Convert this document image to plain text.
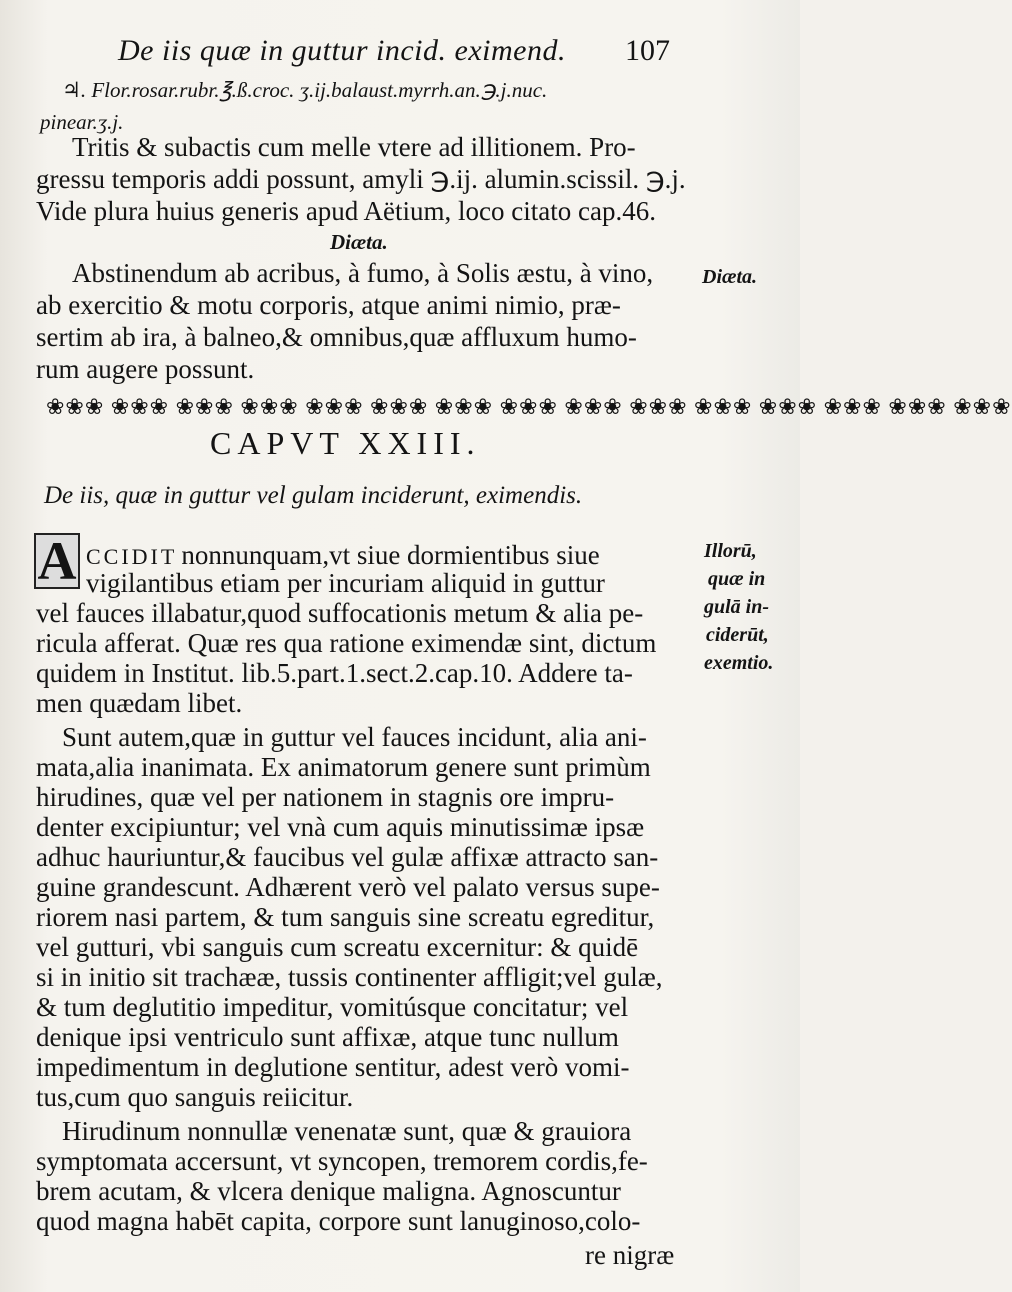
De iis quæ in guttur incid. eximend.	107
♃. Flor.rosar.rubr.℥.ß.croc. ʒ.ij.balaust.myrrh.an.℈.j.nuc.
pinear.ʒ.j.
Tritis & subactis cum melle vtere ad illitionem. Pro-
gressu temporis addi possunt, amyli ℈.ij. alumin.scissil. ℈.j.
Vide plura huius generis apud Aëtium, loco citato cap.46.
Diæta.
Abstinendum ab acribus, à fumo, à Solis æstu, à vino,
ab exercitio & motu corporis, atque animi nimio, præ-
sertim ab ira, à balneo,& omnibus,quæ affluxum humo-
rum augere possunt.
❀❀❀ ❀❀❀ ❀❀❀ ❀❀❀ ❀❀❀ ❀❀❀ ❀❀❀ ❀❀❀ ❀❀❀ ❀❀❀ ❀❀❀ ❀❀❀ ❀❀❀ ❀❀❀ ❀❀❀
CAPVT XXIII.
De iis, quæ in guttur vel gulam inciderunt, eximendis.
A CCIDIT nonnunquam,vt siue dormientibus siue
vigilantibus etiam per incuriam aliquid in guttur
vel fauces illabatur,quod suffocationis metum & alia pe-
ricula afferat. Quæ res qua ratione eximendæ sint, dictum
quidem in Institut. lib.5.part.1.sect.2.cap.10. Addere ta-
men quædam libet.
Sunt autem,quæ in guttur vel fauces incidunt, alia ani-
mata,alia inanimata. Ex animatorum genere sunt primùm
hirudines, quæ vel per nationem in stagnis ore impru-
denter excipiuntur; vel vnà cum aquis minutissimæ ipsæ
adhuc hauriuntur,& faucibus vel gulæ affixæ attracto san-
guine grandescunt. Adhærent verò vel palato versus supe-
riorem nasi partem, & tum sanguis sine screatu egreditur,
vel gutturi, vbi sanguis cum screatu excernitur: & quidē
si in initio sit trachææ, tussis continenter affligit;vel gulæ,
& tum deglutitio impeditur, vomitúsque concitatur; vel
denique ipsi ventriculo sunt affixæ, atque tunc nullum
impedimentum in deglutione sentitur, adest verò vomi-
tus,cum quo sanguis reiicitur.
Hirudinum nonnullæ venenatæ sunt, quæ & grauiora
symptomata accersunt, vt syncopen, tremorem cordis,fe-
brem acutam, & vlcera denique maligna. Agnoscuntur
quod magna habēt capita, corpore sunt lanuginoso,colo-
re nigræ
Diæta.
Illorū,
quæ in
gulā in-
ciderūt,
exemtio.
